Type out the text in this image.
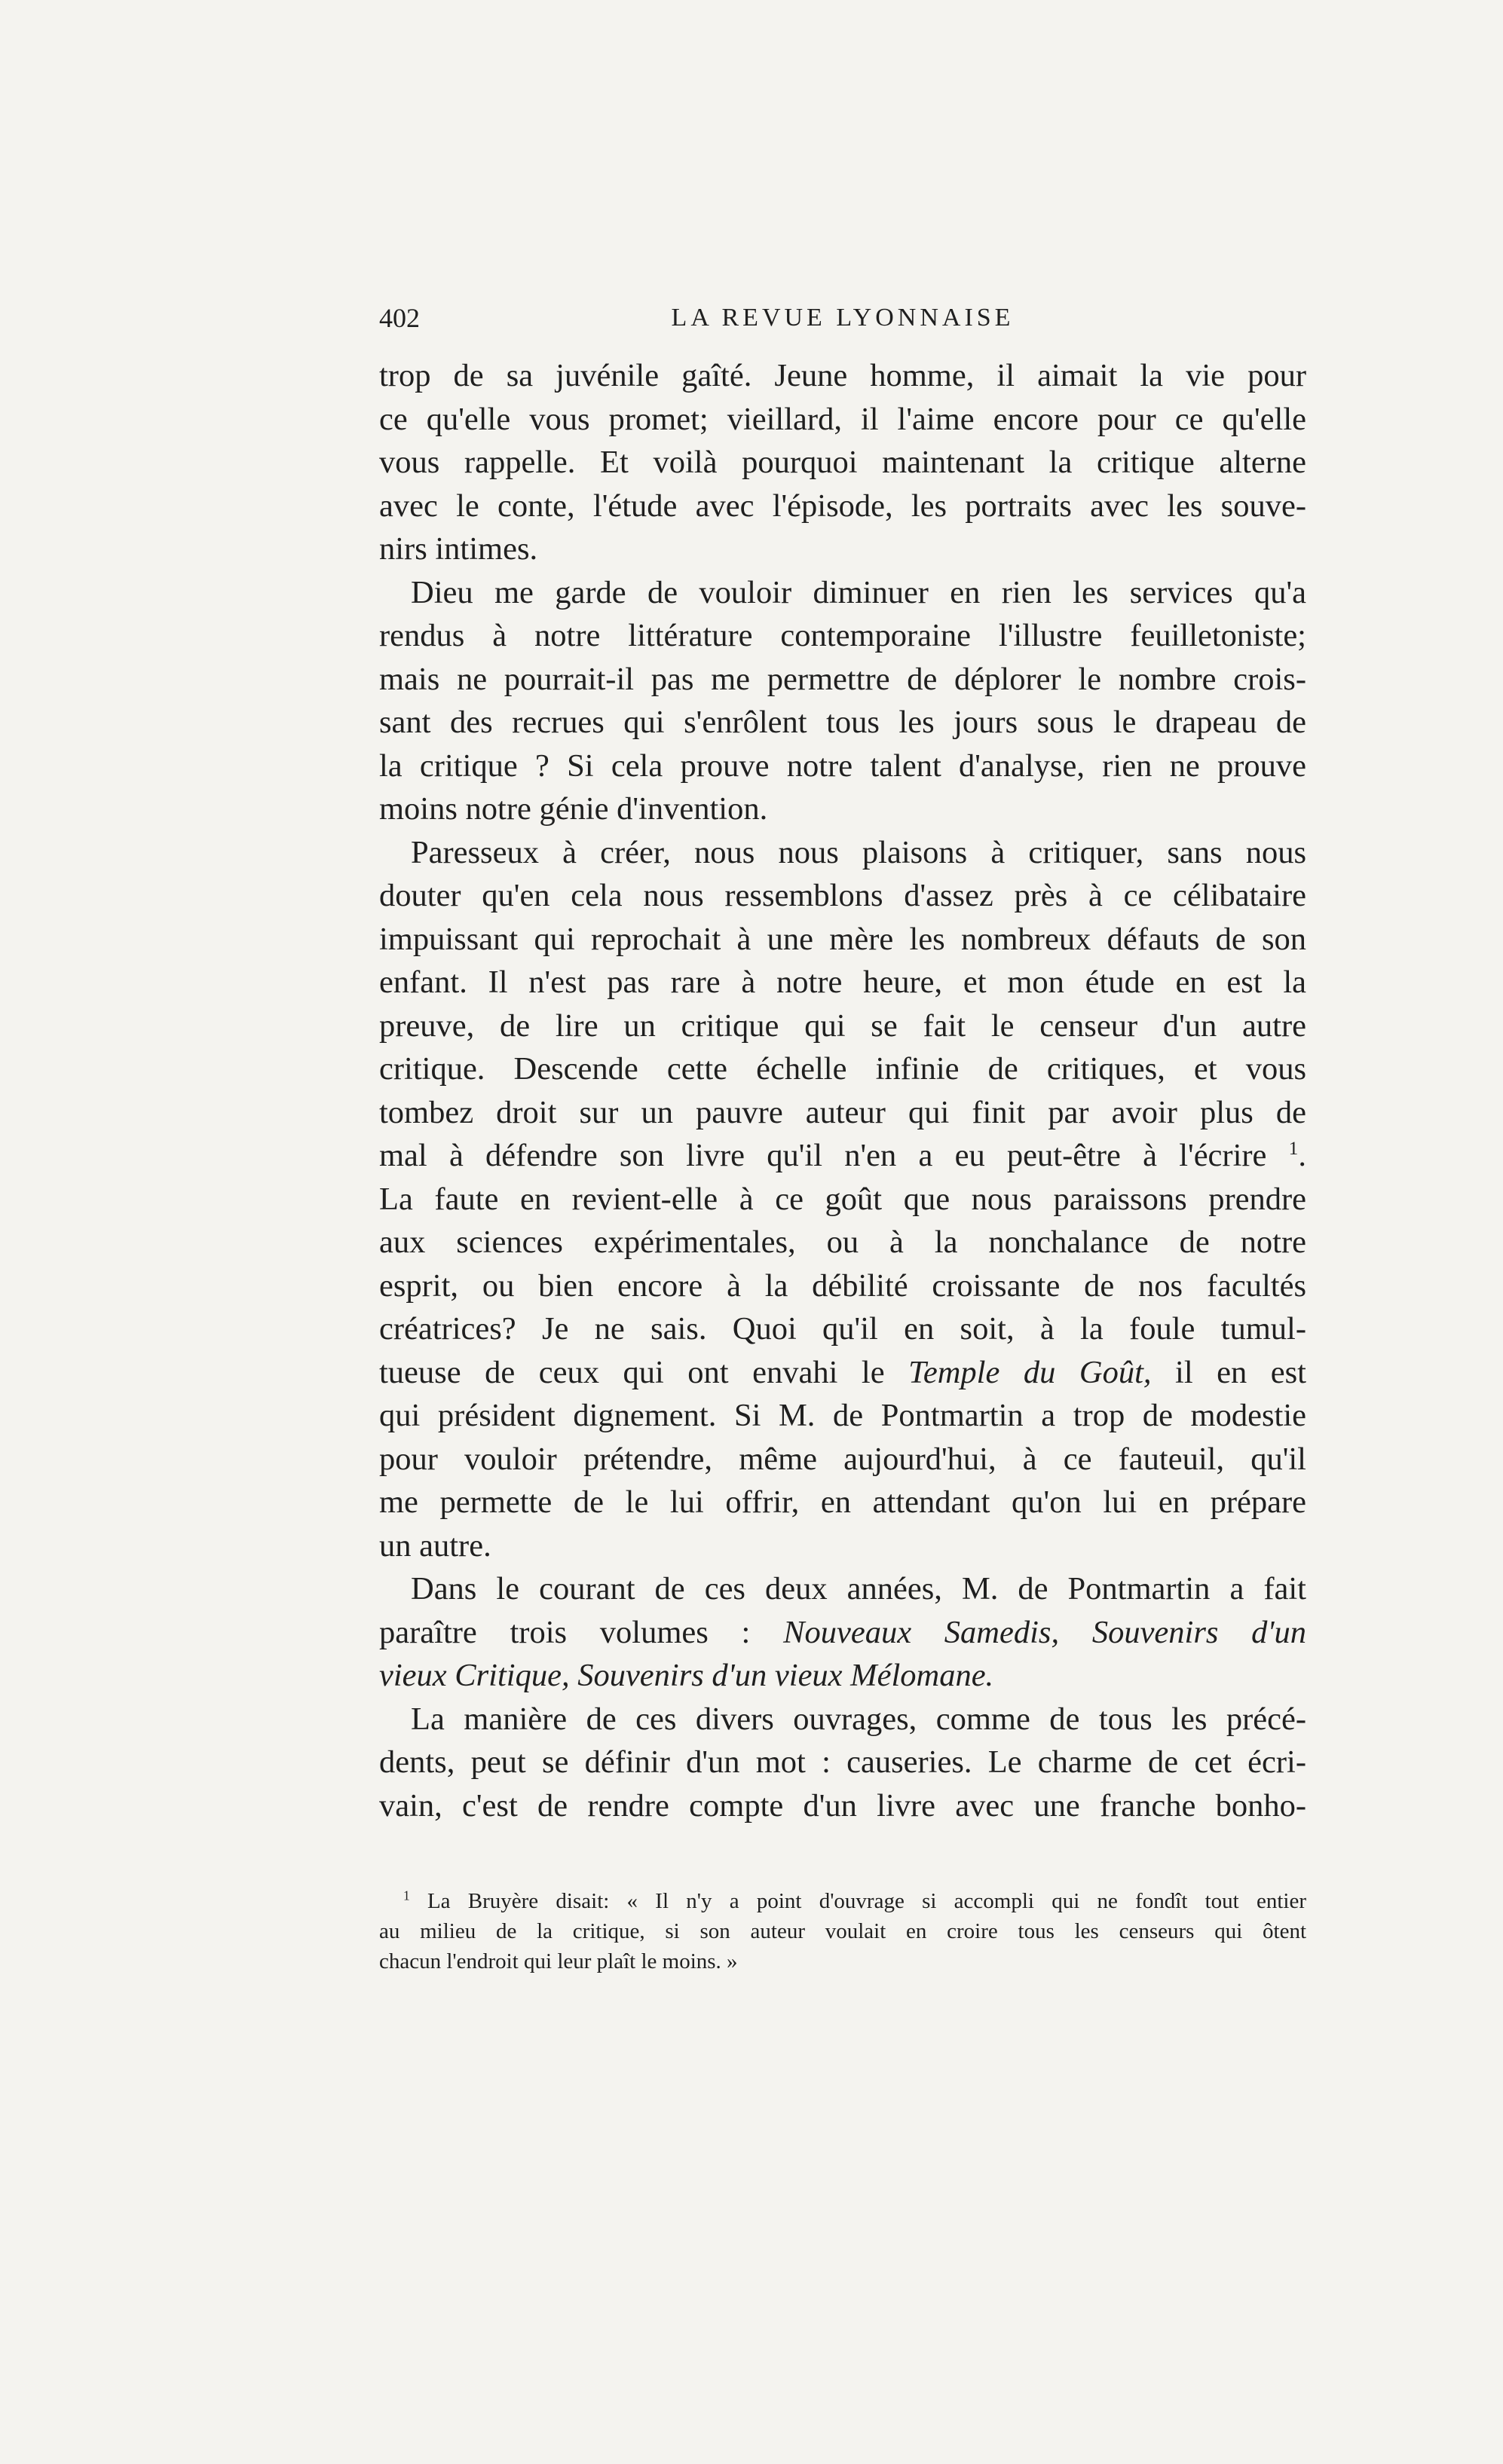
402	LA REVUE LYONNAISE
trop de sa juvénile gaîté. Jeune homme, il aimait la vie pour
ce qu'elle vous promet; vieillard, il l'aime encore pour ce qu'elle
vous rappelle. Et voilà pourquoi maintenant la critique alterne
avec le conte, l'étude avec l'épisode, les portraits avec les souve-
nirs intimes.
Dieu me garde de vouloir diminuer en rien les services qu'a
rendus à notre littérature contemporaine l'illustre feuilletoniste;
mais ne pourrait-il pas me permettre de déplorer le nombre crois-
sant des recrues qui s'enrôlent tous les jours sous le drapeau de
la critique ? Si cela prouve notre talent d'analyse, rien ne prouve
moins notre génie d'invention.
Paresseux à créer, nous nous plaisons à critiquer, sans nous
douter qu'en cela nous ressemblons d'assez près à ce célibataire
impuissant qui reprochait à une mère les nombreux défauts de son
enfant. Il n'est pas rare à notre heure, et mon étude en est la
preuve, de lire un critique qui se fait le censeur d'un autre
critique. Descende cette échelle infinie de critiques, et vous
tombez droit sur un pauvre auteur qui finit par avoir plus de
mal à défendre son livre qu'il n'en a eu peut-être à l'écrire $^1$.
La faute en revient-elle à ce goût que nous paraissons prendre
aux sciences expérimentales, ou à la nonchalance de notre
esprit, ou bien encore à la débilité croissante de nos facultés
créatrices? Je ne sais. Quoi qu'il en soit, à la foule tumul-
tueuse de ceux qui ont envahi le Temple du Goût, il en est
qui président dignement. Si M. de Pontmartin a trop de modestie
pour vouloir prétendre, même aujourd'hui, à ce fauteuil, qu'il
me permette de le lui offrir, en attendant qu'on lui en prépare
un autre.
Dans le courant de ces deux années, M. de Pontmartin a fait
paraître trois volumes : Nouveaux Samedis, Souvenirs d'un
vieux Critique, Souvenirs d'un vieux Mélomane.
La manière de ces divers ouvrages, comme de tous les précé-
dents, peut se définir d'un mot : causeries. Le charme de cet écri-
vain, c'est de rendre compte d'un livre avec une franche bonho-
$^1$ La Bruyère disait: « Il n'y a point d'ouvrage si accompli qui ne fondît tout entier
au milieu de la critique, si son auteur voulait en croire tous les censeurs qui ôtent
chacun l'endroit qui leur plaît le moins. »
